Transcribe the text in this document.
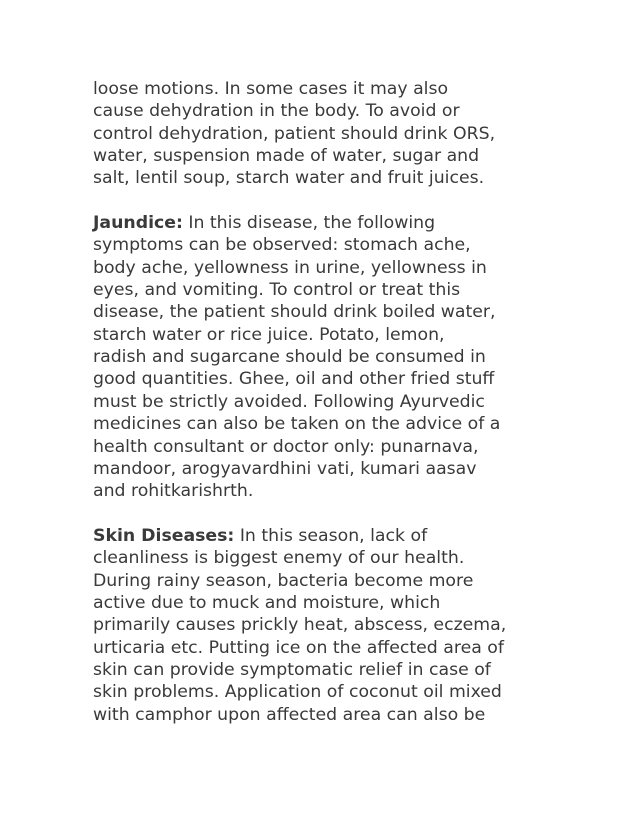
loose motions. In some cases it may also
cause dehydration in the body. To avoid or
control dehydration, patient should drink ORS,
water, suspension made of water, sugar and
salt, lentil soup, starch water and fruit juices.
Jaundice: In this disease, the following
symptoms can be observed: stomach ache,
body ache, yellowness in urine, yellowness in
eyes, and vomiting. To control or treat this
disease, the patient should drink boiled water,
starch water or rice juice. Potato, lemon,
radish and sugarcane should be consumed in
good quantities. Ghee, oil and other fried stuff
must be strictly avoided. Following Ayurvedic
medicines can also be taken on the advice of a
health consultant or doctor only: punarnava,
mandoor, arogyavardhini vati, kumari aasav
and rohitkarishrth.
Skin Diseases: In this season, lack of
cleanliness is biggest enemy of our health.
During rainy season, bacteria become more
active due to muck and moisture, which
primarily causes prickly heat, abscess, eczema,
urticaria etc. Putting ice on the affected area of
skin can provide symptomatic relief in case of
skin problems. Application of coconut oil mixed
with camphor upon affected area can also be
